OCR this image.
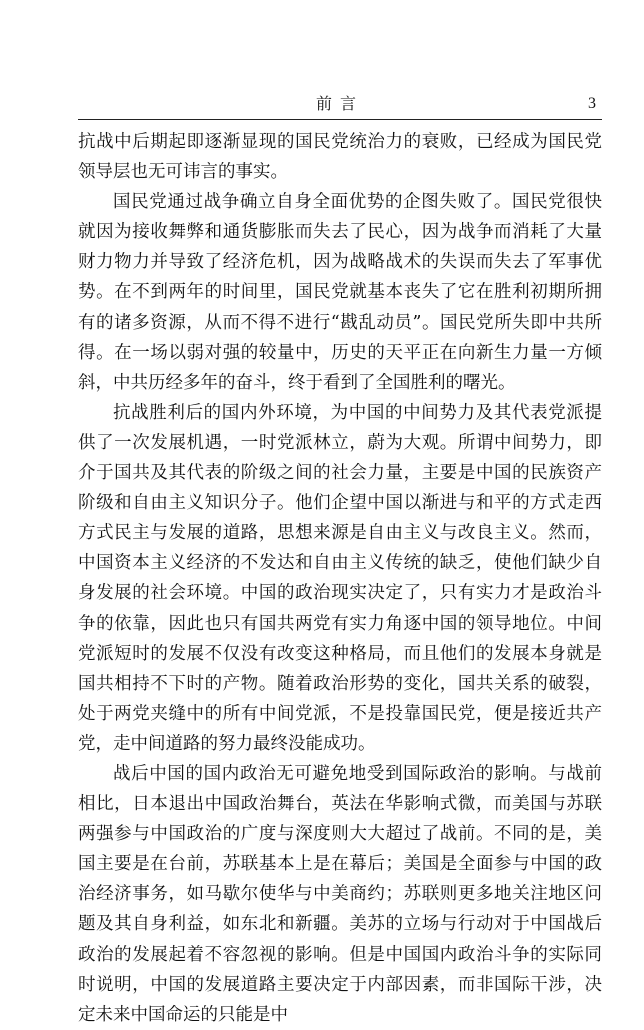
前言	3

抗战中后期起即逐渐显现的国民党统治力的衰败，已经成为国民党领导层也无可讳言的事实。

国民党通过战争确立自身全面优势的企图失败了。国民党很快就因为接收舞弊和通货膨胀而失去了民心，因为战争而消耗了大量财力物力并导致了经济危机，因为战略战术的失误而失去了军事优势。在不到两年的时间里，国民党就基本丧失了它在胜利初期所拥有的诸多资源，从而不得不进行“戡乱动员”。国民党所失即中共所得。在一场以弱对强的较量中，历史的天平正在向新生力量一方倾斜，中共历经多年的奋斗，终于看到了全国胜利的曙光。

抗战胜利后的国内外环境，为中国的中间势力及其代表党派提供了一次发展机遇，一时党派林立，蔚为大观。所谓中间势力，即介于国共及其代表的阶级之间的社会力量，主要是中国的民族资产阶级和自由主义知识分子。他们企望中国以渐进与和平的方式走西方式民主与发展的道路，思想来源是自由主义与改良主义。然而，中国资本主义经济的不发达和自由主义传统的缺乏，使他们缺少自身发展的社会环境。中国的政治现实决定了，只有实力才是政治斗争的依靠，因此也只有国共两党有实力角逐中国的领导地位。中间党派短时的发展不仅没有改变这种格局，而且他们的发展本身就是国共相持不下时的产物。随着政治形势的变化，国共关系的破裂，处于两党夹缝中的所有中间党派，不是投靠国民党，便是接近共产党，走中间道路的努力最终没能成功。

战后中国的国内政治无可避免地受到国际政治的影响。与战前相比，日本退出中国政治舞台，英法在华影响式微，而美国与苏联两强参与中国政治的广度与深度则大大超过了战前。不同的是，美国主要是在台前，苏联基本上是在幕后；美国是全面参与中国的政治经济事务，如马歇尔使华与中美商约；苏联则更多地关注地区问题及其自身利益，如东北和新疆。美苏的立场与行动对于中国战后政治的发展起着不容忽视的影响。但是中国国内政治斗争的实际同时说明，中国的发展道路主要决定于内部因素，而非国际干涉，决定未来中国命运的只能是中
